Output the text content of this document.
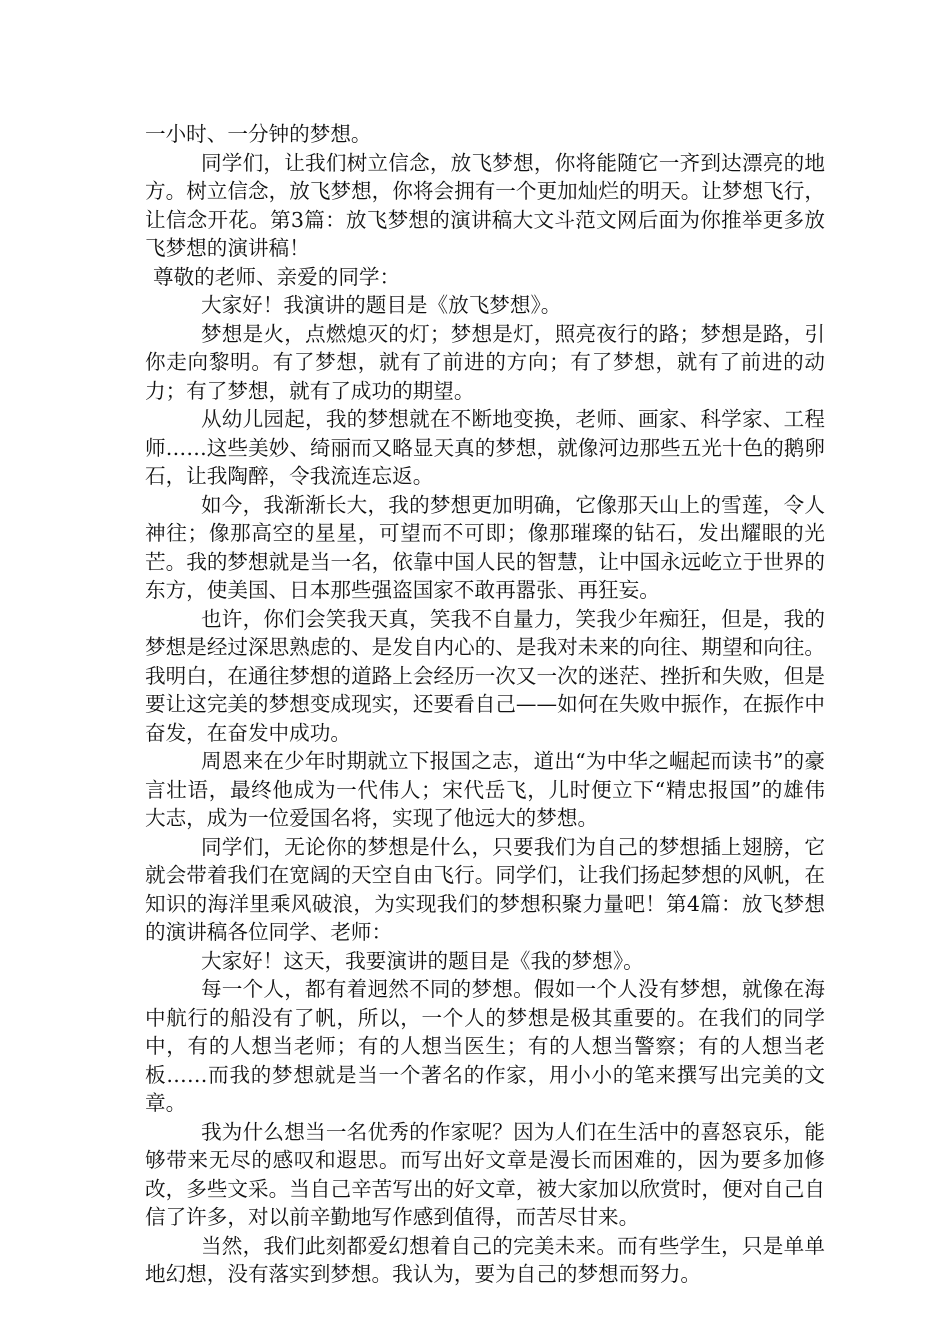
一小时、一分钟的梦想。

同学们，让我们树立信念，放飞梦想，你将能随它一齐到达漂亮的地方。树立信念，放飞梦想，你将会拥有一个更加灿烂的明天。让梦想飞行，让信念开花。第3篇：放飞梦想的演讲稿大文斗范文网后面为你推举更多放飞梦想的演讲稿！

尊敬的老师、亲爱的同学：

大家好！我演讲的题目是《放飞梦想》。

梦想是火，点燃熄灭的灯；梦想是灯，照亮夜行的路；梦想是路，引你走向黎明。有了梦想，就有了前进的方向；有了梦想，就有了前进的动力；有了梦想，就有了成功的期望。

从幼儿园起，我的梦想就在不断地变换，老师、画家、科学家、工程师……这些美妙、绮丽而又略显天真的梦想，就像河边那些五光十色的鹅卵石，让我陶醉，令我流连忘返。

如今，我渐渐长大，我的梦想更加明确，它像那天山上的雪莲，令人神往；像那高空的星星，可望而不可即；像那璀璨的钻石，发出耀眼的光芒。我的梦想就是当一名，依靠中国人民的智慧，让中国永远屹立于世界的东方，使美国、日本那些强盗国家不敢再嚣张、再狂妄。

也许，你们会笑我天真，笑我不自量力，笑我少年痴狂，但是，我的梦想是经过深思熟虑的、是发自内心的、是我对未来的向往、期望和向往。我明白，在通往梦想的道路上会经历一次又一次的迷茫、挫折和失败，但是要让这完美的梦想变成现实，还要看自己——如何在失败中振作，在振作中奋发，在奋发中成功。

周恩来在少年时期就立下报国之志，道出“为中华之崛起而读书”的豪言壮语，最终他成为一代伟人；宋代岳飞，儿时便立下“精忠报国”的雄伟大志，成为一位爱国名将，实现了他远大的梦想。

同学们，无论你的梦想是什么，只要我们为自己的梦想插上翅膀，它就会带着我们在宽阔的天空自由飞行。同学们，让我们扬起梦想的风帆，在知识的海洋里乘风破浪，为实现我们的梦想积聚力量吧！第4篇：放飞梦想的演讲稿各位同学、老师：

大家好！这天，我要演讲的题目是《我的梦想》。

每一个人，都有着迥然不同的梦想。假如一个人没有梦想，就像在海中航行的船没有了帆，所以，一个人的梦想是极其重要的。在我们的同学中，有的人想当老师；有的人想当医生；有的人想当警察；有的人想当老板……而我的梦想就是当一个著名的作家，用小小的笔来撰写出完美的文章。

我为什么想当一名优秀的作家呢？因为人们在生活中的喜怒哀乐，能够带来无尽的感叹和遐思。而写出好文章是漫长而困难的，因为要多加修改，多些文采。当自己辛苦写出的好文章，被大家加以欣赏时，便对自己自信了许多，对以前辛勤地写作感到值得，而苦尽甘来。

当然，我们此刻都爱幻想着自己的完美未来。而有些学生，只是单单地幻想，没有落实到梦想。我认为，要为自己的梦想而努力。
